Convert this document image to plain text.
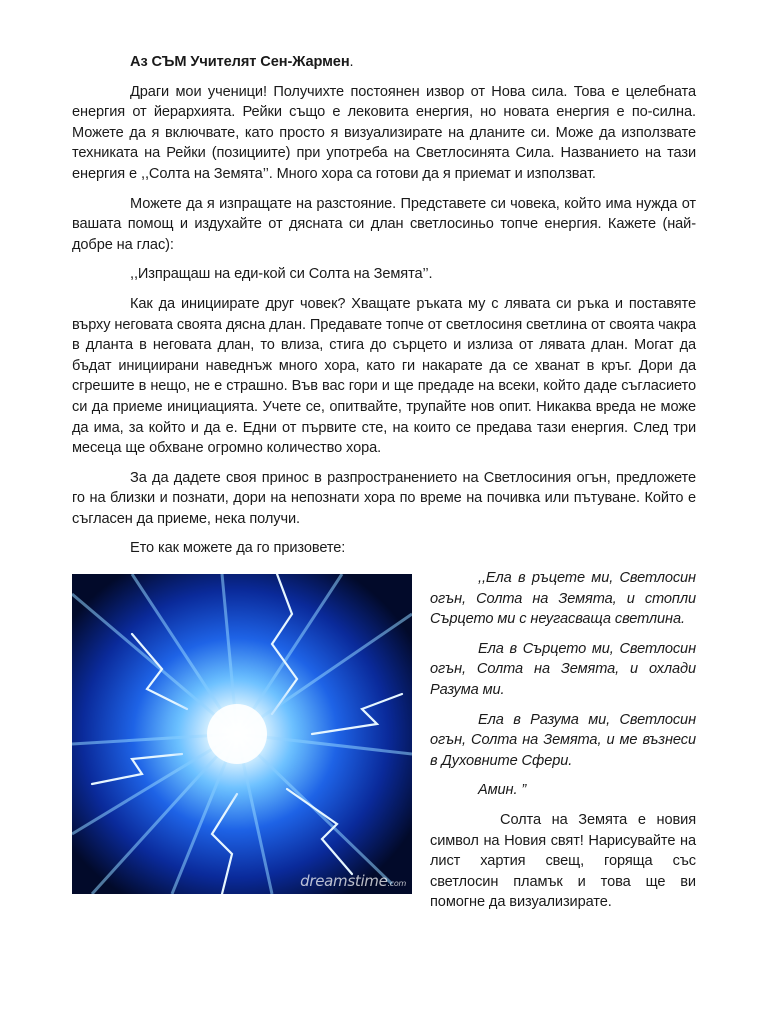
Аз СЪМ Учителят Сен-Жармен.

Драги мои ученици! Получихте постоянен извор от Нова сила. Това е целебната енергия от йерархията. Рейки също е лековита енергия, но новата енергия е по-силна. Можете да я включвате, като просто я визуализирате на дланите си. Може да използвате техниката на Рейки (позициите) при употреба на Светлосинята Сила. Названието на тази енергия е ,,Солта на Земята’’. Много хора са готови да я приемат и използват.

Можете да я изпращате на разстояние. Представете си човека, който има нужда от вашата помощ и издухайте от дясната си длан светлосиньо топче енергия. Кажете (най-добре на глас):

,,Изпращаш на еди-кой си Солта на Земята’’.

Как да инициирате друг човек? Хващате ръката му с лявата си ръка и поставяте върху неговата своята дясна длан. Предавате топче от светлосиня светлина от своята чакра в дланта в неговата длан, то влиза, стига до сърцето и излиза от лявата длан. Могат да бъдат инициирани наведнъж много хора, като ги накарате да се хванат в кръг. Дори да сгрешите в нещо, не е страшно. Във вас гори и ще предаде на всеки, който даде съгласието си да приеме инициацията. Учете се, опитвайте, трупайте нов опит. Никаква вреда не може да има, за който и да е. Едни от първите сте, на които се предава тази енергия. След три месеца ще обхване огромно количество хора.

За да дадете своя принос в разпространението на Светлосиния огън, предложете го на близки и познати, дори на непознати хора по време на почивка или пътуване. Който е съгласен да приеме, нека получи.

Ето как можете да го призовете:

dreamstime.com

,,Ела в ръцете ми, Светлосин огън, Солта на Земята, и стопли Сърцето ми с неугасваща светлина.

Ела в Сърцето ми, Светлосин огън, Солта на Земята, и охлади Разума ми.

Ела в Разума ми, Светлосин огън, Солта на Земята, и ме възнеси в Духовните Сфери.

Амин. ”

Солта на Земята е новия символ на Новия свят! Нарисувайте на лист хартия свещ, горяща със светлосин пламък и това ще ви помогне да визуализирате.
